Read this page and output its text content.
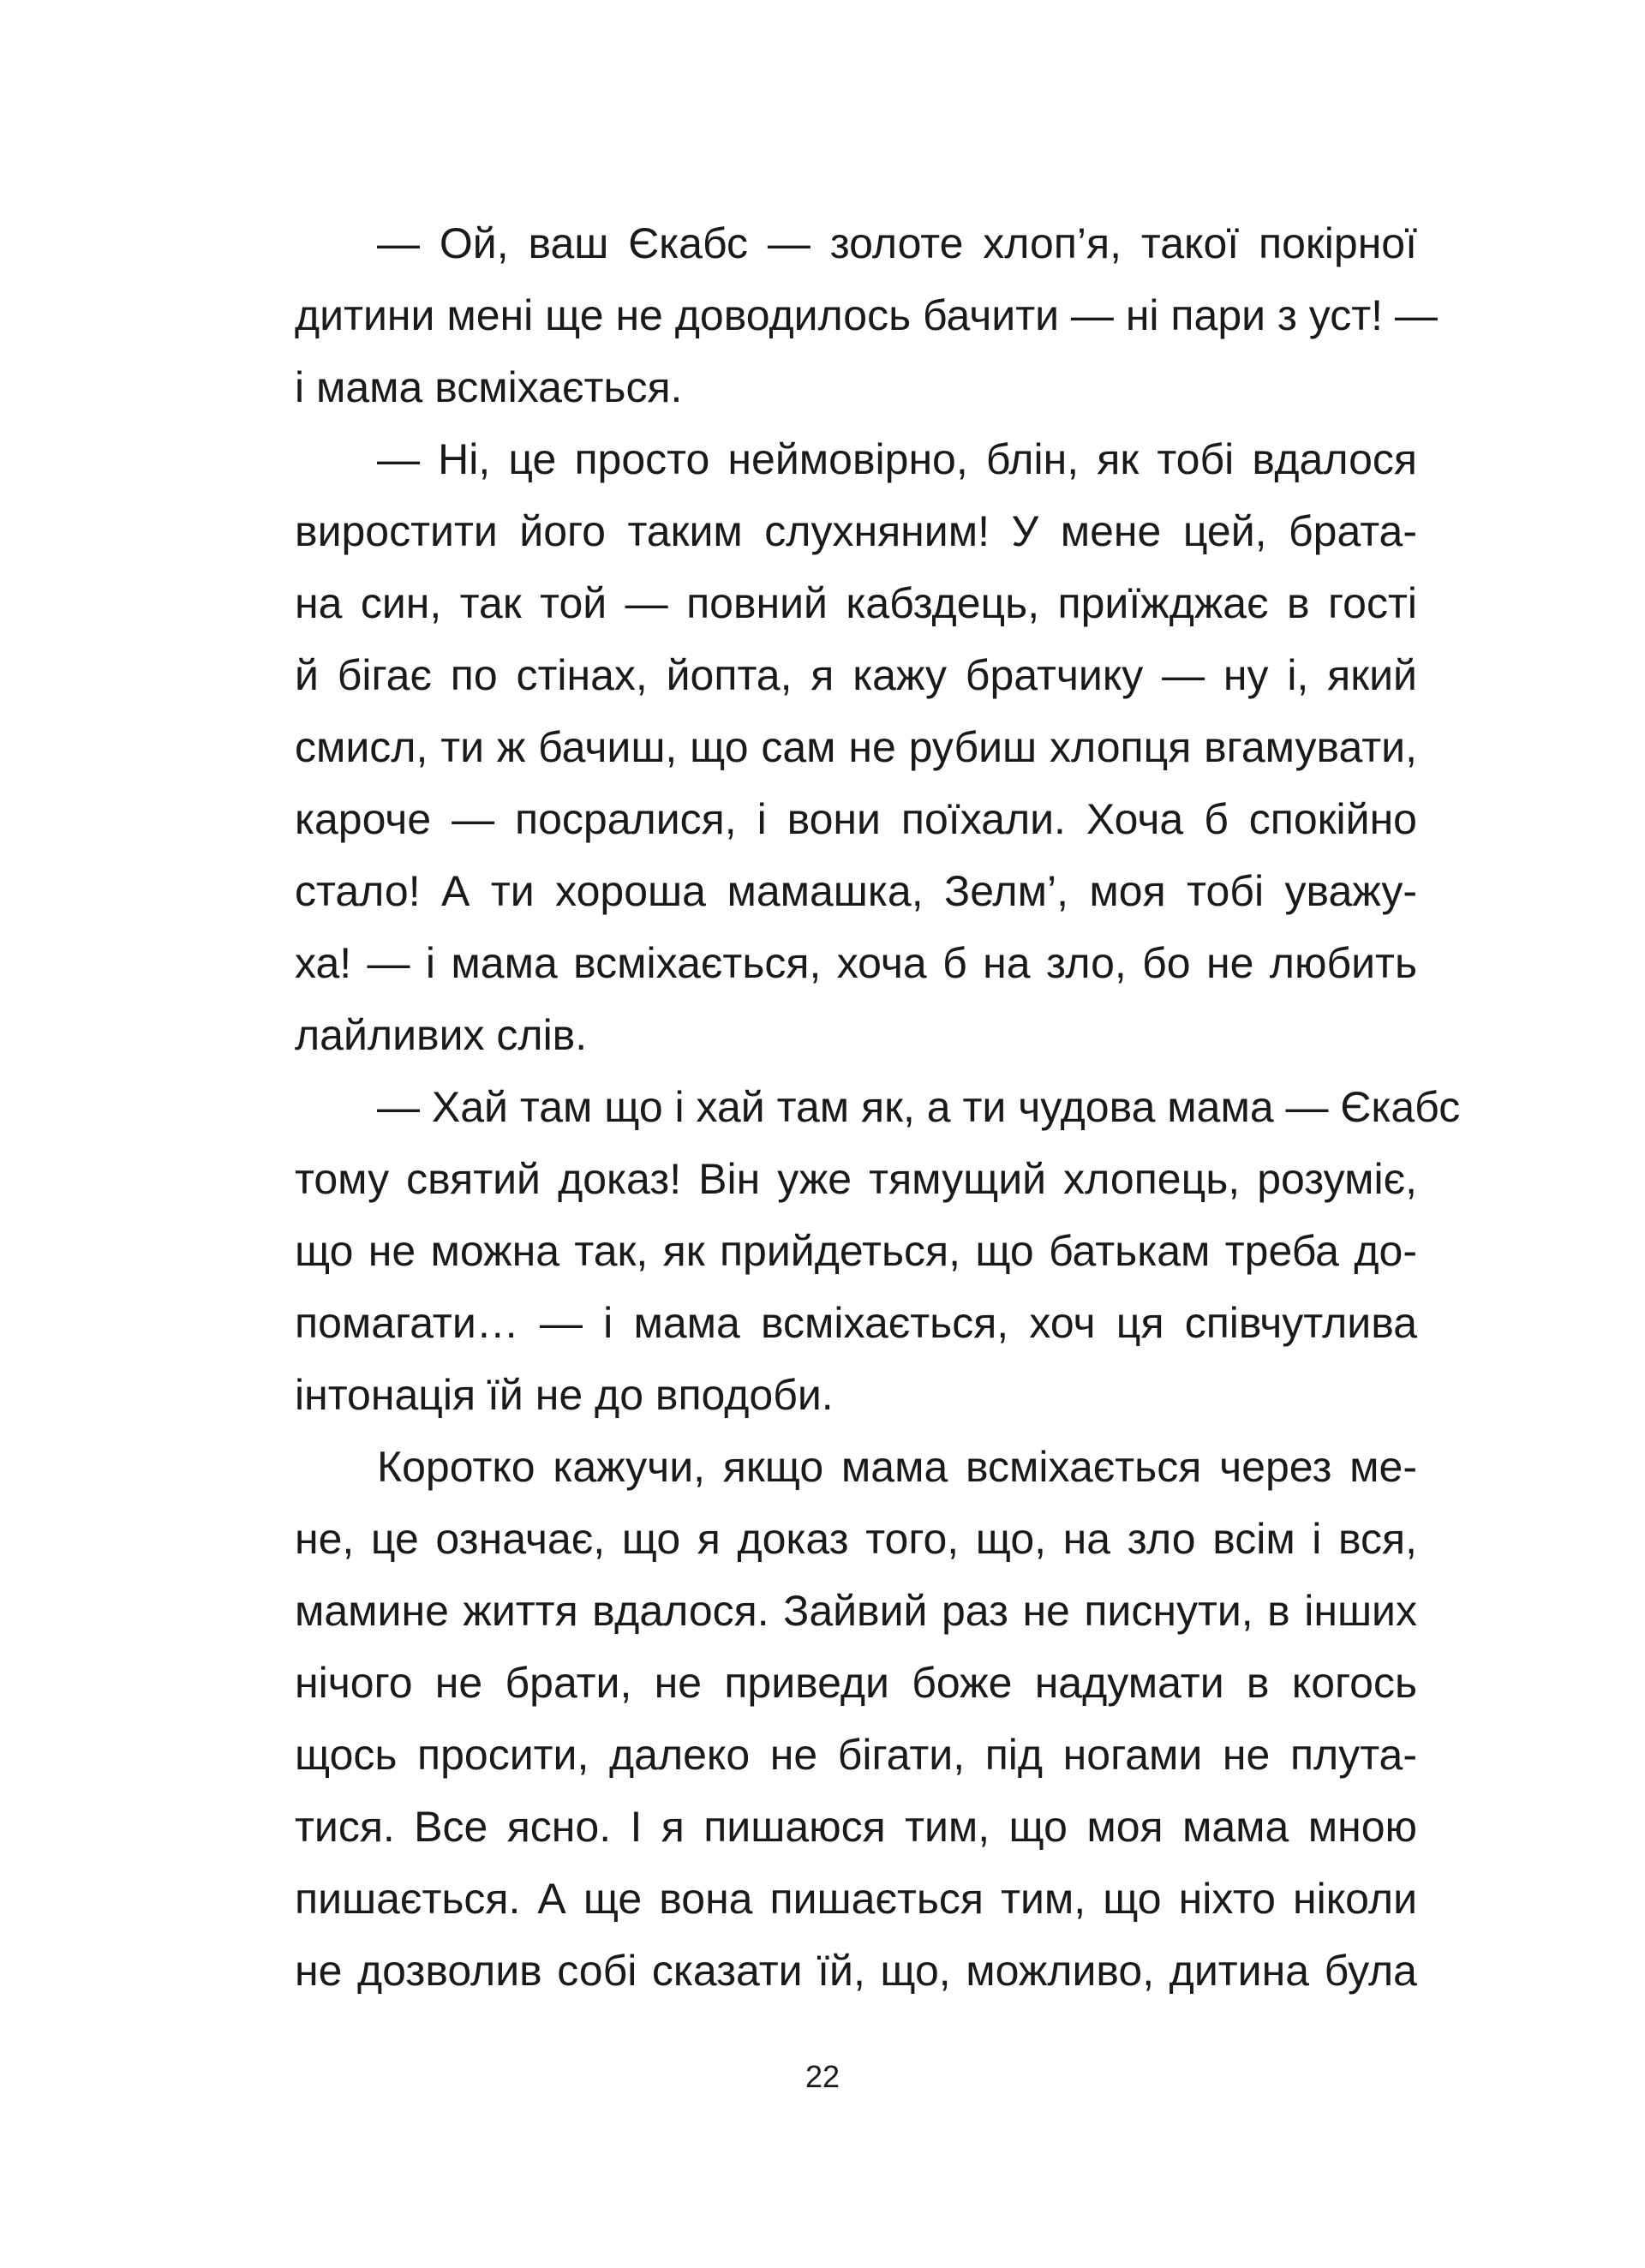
— Ой, ваш Єкабс — золоте хлоп’я, такої покірної
дитини мені ще не доводилось бачити — ні пари з уст! —
і мама всміхається.
— Ні, це просто неймовірно, блін, як тобі вдалося
виростити його таким слухняним! У мене цей, брата-
на син, так той — повний кабздець, приїжджає в гості
й бігає по стінах, йопта, я кажу братчику — ну і, який
смисл, ти ж бачиш, що сам не рубиш хлопця вгамувати,
кароче — посралися, і вони поїхали. Хоча б спокійно
стало! А ти хороша мамашка, Зелм’, моя тобі уважу-
ха! — і мама всміхається, хоча б на зло, бо не любить
лайливих слів.
— Хай там що і хай там як, а ти чудова мама — Єкабс
тому святий доказ! Він уже тямущий хлопець, розуміє,
що не можна так, як прийдеться, що батькам треба до-
помагати… — і мама всміхається, хоч ця співчутлива
інтонація їй не до вподоби.
Коротко кажучи, якщо мама всміхається через ме-
не, це означає, що я доказ того, що, на зло всім і вся,
мамине життя вдалося. Зайвий раз не писнути, в інших
нічого не брати, не приведи боже надумати в когось
щось просити, далеко не бігати, під ногами не плута-
тися. Все ясно. І я пишаюся тим, що моя мама мною
пишається. А ще вона пишається тим, що ніхто ніколи
не дозволив собі сказати їй, що, можливо, дитина була
22
